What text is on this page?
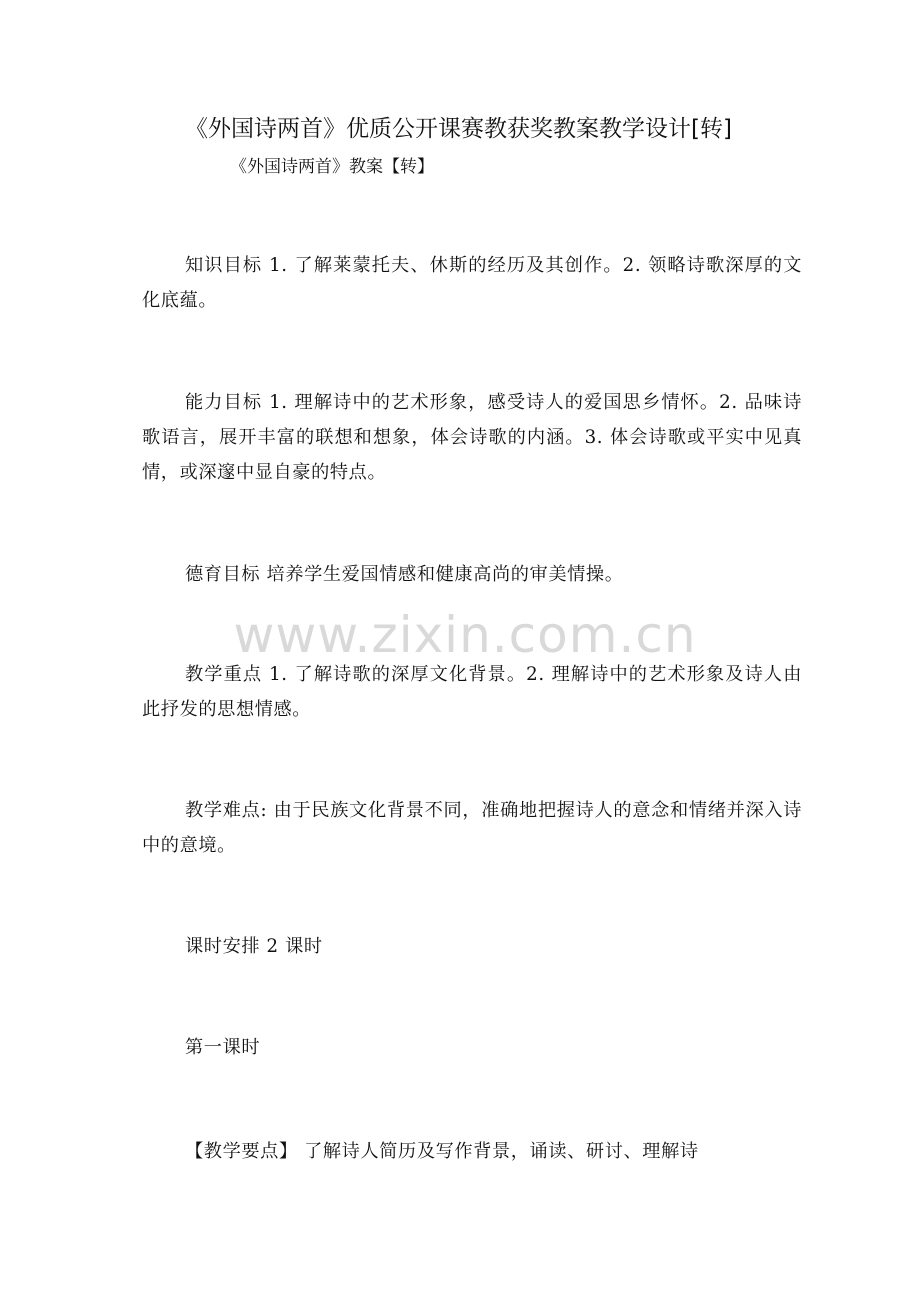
《外国诗两首》优质公开课赛教获奖教案教学设计[转]
《外国诗两首》教案【转】
知识目标 1. 了解莱蒙托夫、休斯的经历及其创作。2. 领略诗歌深厚的文化底蕴。
能力目标 1. 理解诗中的艺术形象，感受诗人的爱国思乡情怀。2. 品味诗歌语言，展开丰富的联想和想象，体会诗歌的内涵。3. 体会诗歌或平实中见真情，或深邃中显自豪的特点。
德育目标 培养学生爱国情感和健康高尚的审美情操。
www.zixin.com.cn
教学重点 1. 了解诗歌的深厚文化背景。2. 理解诗中的艺术形象及诗人由此抒发的思想情感。
教学难点: 由于民族文化背景不同，准确地把握诗人的意念和情绪并深入诗中的意境。
课时安排 2 课时
第一课时
【教学要点】 了解诗人简历及写作背景，诵读、研讨、理解诗
